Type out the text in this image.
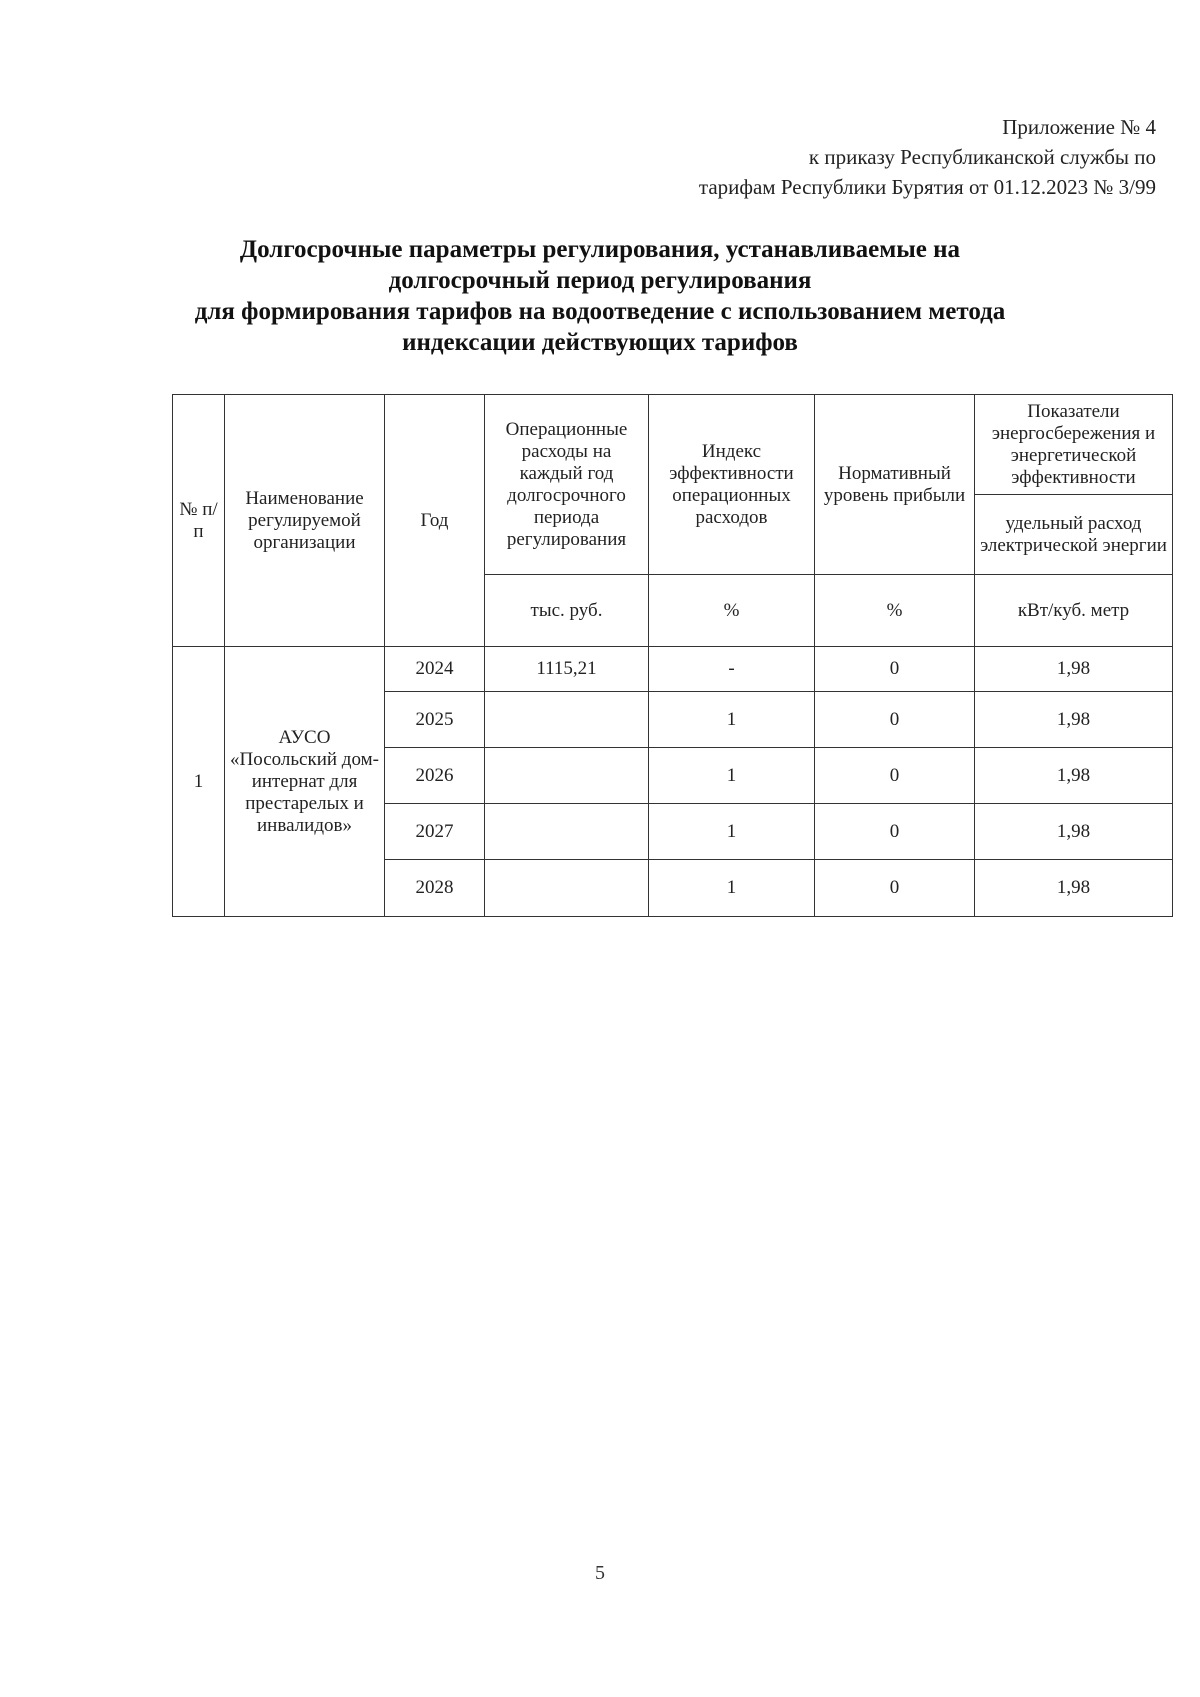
Приложение № 4
к приказу Республиканской службы по
тарифам Республики Бурятия от 01.12.2023 № 3/99
Долгосрочные параметры регулирования, устанавливаемые на
долгосрочный период регулирования
для формирования тарифов на водоотведение с использованием метода
индексации действующих тарифов
№ п/п	Наименование регулируемой организации	Год	Операционные расходы на каждый год долгосрочного периода регулирования	Индекс эффективности операционных расходов	Нормативный уровень прибыли	Показатели энергосбережения и энергетической эффективности
						удельный расход электрической энергии
			тыс. руб.	%	%	кВт/куб. метр
1	АУСО «Посольский дом-интернат для престарелых и инвалидов»	2024	1115,21	-	0	1,98
		2025		1	0	1,98
		2026		1	0	1,98
		2027		1	0	1,98
		2028		1	0	1,98
5
